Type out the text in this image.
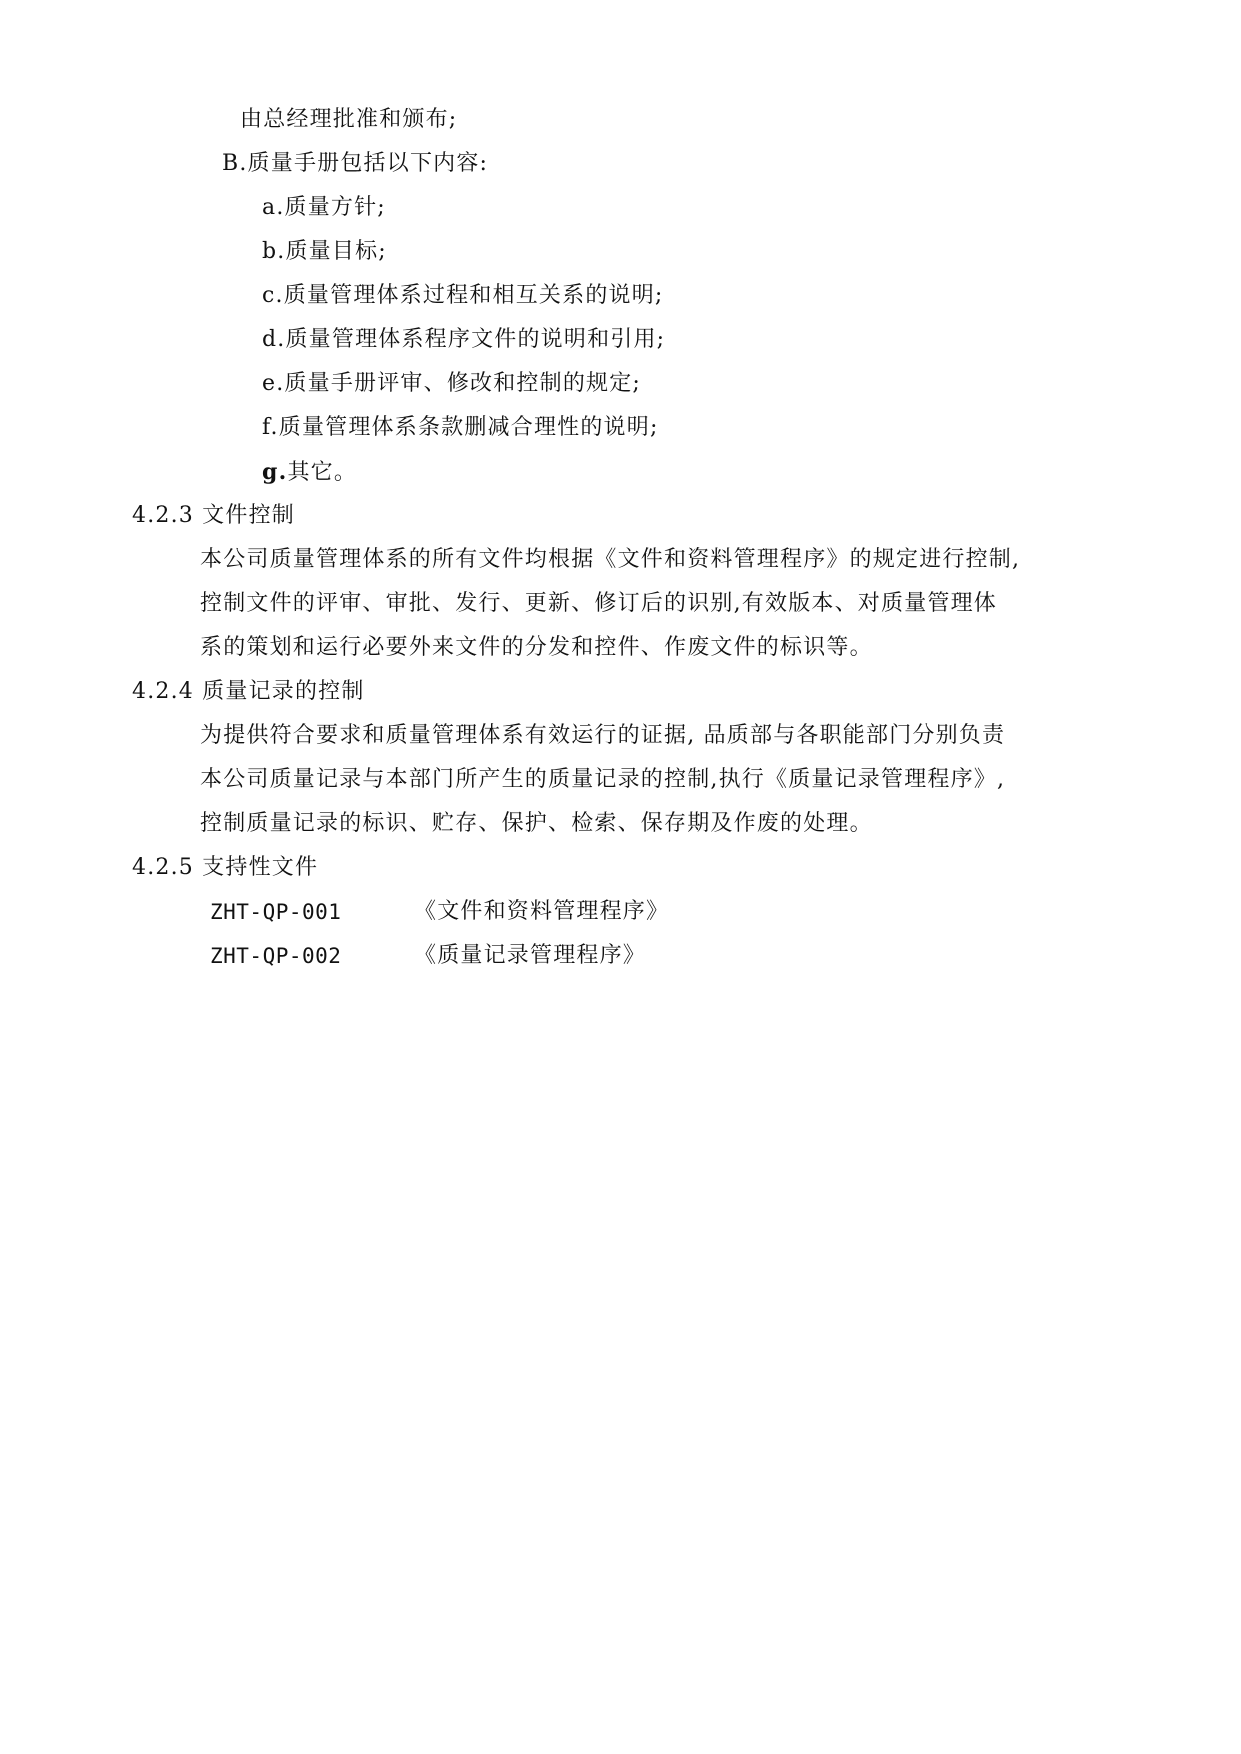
由总经理批准和颁布;
B.质量手册包括以下内容:
a.质量方针;
b.质量目标;
c.质量管理体系过程和相互关系的说明;
d.质量管理体系程序文件的说明和引用;
e.质量手册评审、修改和控制的规定;
f.质量管理体系条款删减合理性的说明;
g.其它。
4.2.3 文件控制
本公司质量管理体系的所有文件均根据《文件和资料管理程序》的规定进行控制,
控制文件的评审、审批、发行、更新、修订后的识别,有效版本、对质量管理体
系的策划和运行必要外来文件的分发和控件、作废文件的标识等。
4.2.4 质量记录的控制
为提供符合要求和质量管理体系有效运行的证据, 品质部与各职能部门分别负责
本公司质量记录与本部门所产生的质量记录的控制,执行《质量记录管理程序》,
控制质量记录的标识、贮存、保护、检索、保存期及作废的处理。
4.2.5 支持性文件
ZHT-QP-001	《文件和资料管理程序》
ZHT-QP-002	《质量记录管理程序》
